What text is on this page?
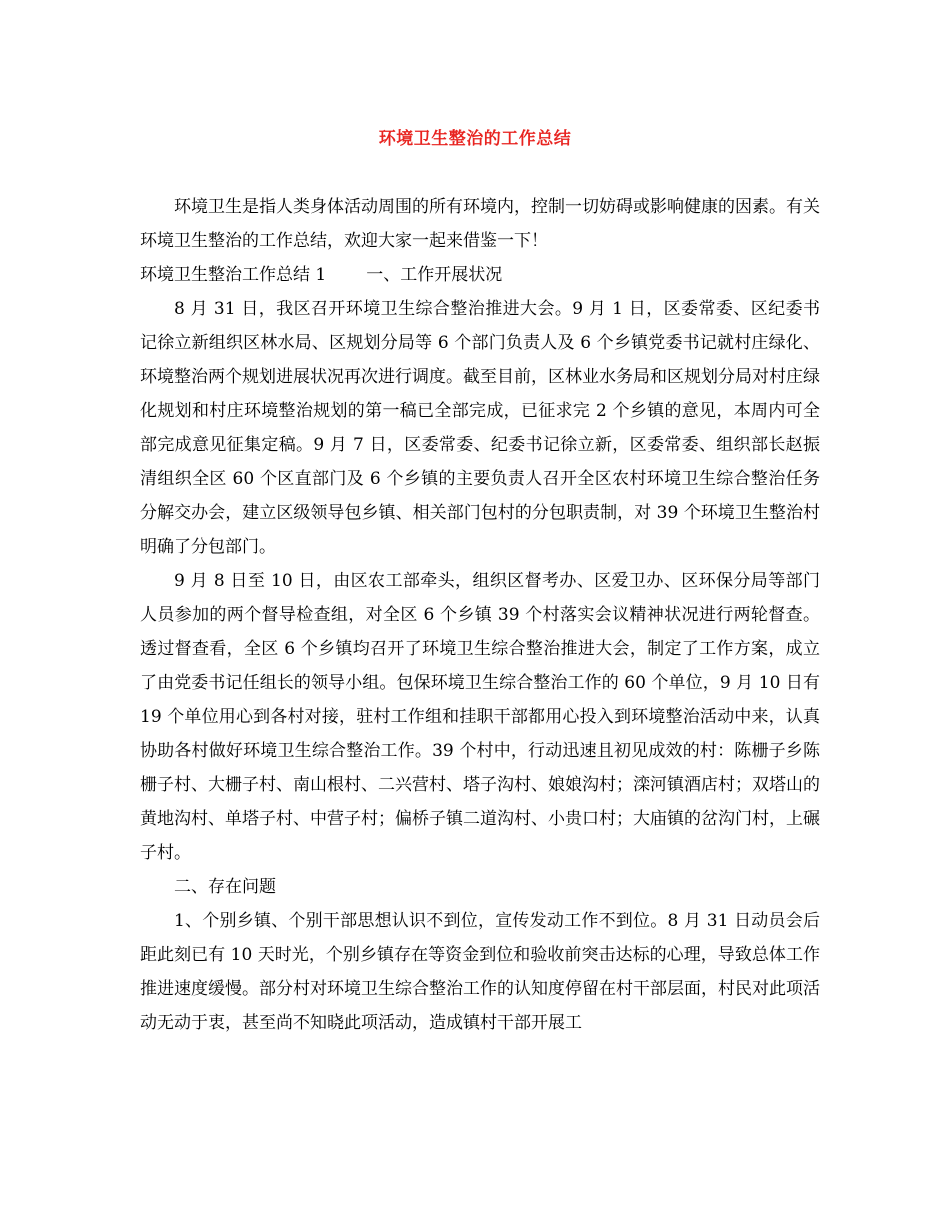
环境卫生整治的工作总结

环境卫生是指人类身体活动周围的所有环境内，控制一切妨碍或影响健康的因素。有关环境卫生整治的工作总结，欢迎大家一起来借鉴一下！

环境卫生整治工作总结 1 一、工作开展状况

8 月 31 日，我区召开环境卫生综合整治推进大会。9 月 1 日，区委常委、区纪委书记徐立新组织区林水局、区规划分局等 6 个部门负责人及 6 个乡镇党委书记就村庄绿化、环境整治两个规划进展状况再次进行调度。截至目前，区林业水务局和区规划分局对村庄绿化规划和村庄环境整治规划的第一稿已全部完成，已征求完 2 个乡镇的意见，本周内可全部完成意见征集定稿。9 月 7 日，区委常委、纪委书记徐立新，区委常委、组织部长赵振清组织全区 60 个区直部门及 6 个乡镇的主要负责人召开全区农村环境卫生综合整治任务分解交办会，建立区级领导包乡镇、相关部门包村的分包职责制，对 39 个环境卫生整治村明确了分包部门。

9 月 8 日至 10 日，由区农工部牵头，组织区督考办、区爱卫办、区环保分局等部门人员参加的两个督导检查组，对全区 6 个乡镇 39 个村落实会议精神状况进行两轮督查。透过督查看，全区 6 个乡镇均召开了环境卫生综合整治推进大会，制定了工作方案，成立了由党委书记任组长的领导小组。包保环境卫生综合整治工作的 60 个单位，9 月 10 日有 19 个单位用心到各村对接，驻村工作组和挂职干部都用心投入到环境整治活动中来，认真协助各村做好环境卫生综合整治工作。39 个村中，行动迅速且初见成效的村：陈栅子乡陈栅子村、大栅子村、南山根村、二兴营村、塔子沟村、娘娘沟村；滦河镇酒店村；双塔山的黄地沟村、单塔子村、中营子村；偏桥子镇二道沟村、小贵口村；大庙镇的岔沟门村，上碾子村。

二、存在问题

1、个别乡镇、个别干部思想认识不到位，宣传发动工作不到位。8 月 31 日动员会后距此刻已有 10 天时光，个别乡镇存在等资金到位和验收前突击达标的心理，导致总体工作推进速度缓慢。部分村对环境卫生综合整治工作的认知度停留在村干部层面，村民对此项活动无动于衷，甚至尚不知晓此项活动，造成镇村干部开展工
